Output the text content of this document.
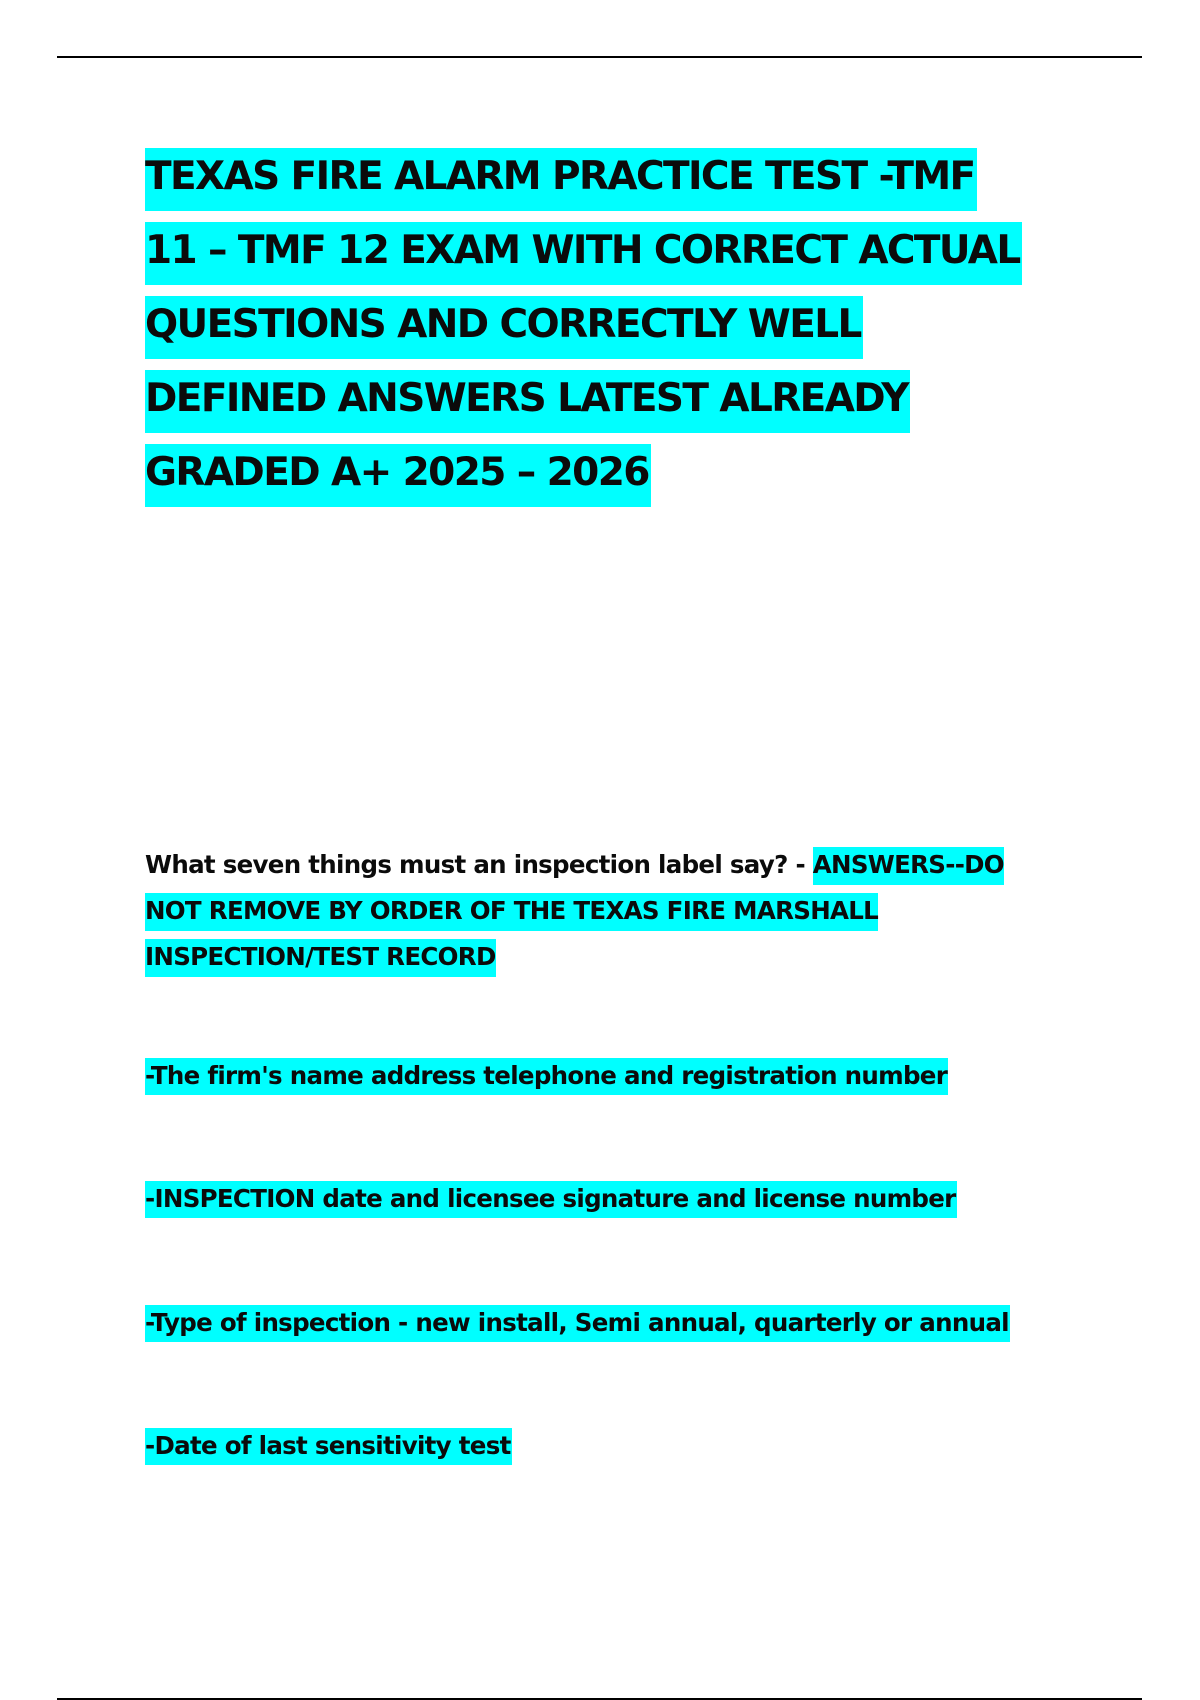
TEXAS FIRE ALARM PRACTICE TEST -TMF 11 – TMF 12 EXAM WITH CORRECT ACTUAL QUESTIONS AND CORRECTLY WELL DEFINED ANSWERS LATEST ALREADY GRADED A+ 2025 – 2026

What seven things must an inspection label say? - ANSWERS--DO NOT REMOVE BY ORDER OF THE TEXAS FIRE MARSHALL INSPECTION/TEST RECORD

-The firm's name address telephone and registration number

-INSPECTION date and licensee signature and license number

-Type of inspection - new install, Semi annual, quarterly or annual

-Date of last sensitivity test
